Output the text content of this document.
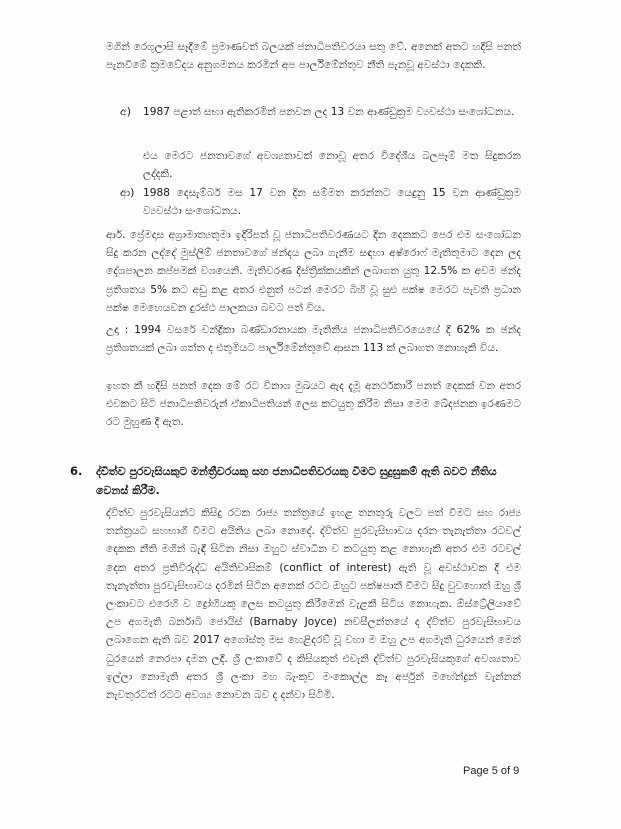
මගින් රෙගුලාසි සෑදීමේ ප්‍රමාණවත් බලයක් ජනාධිපතිවරයා සතු වේ. අනෙක් අතට හදිසි පනත් පැනවීමේ ක්‍රමවේදය අනුගමනය කරමින් අප පාර්ලිමේන්තුව නීති පැනවූ අවස්ථා දෙකකි.

අ) 1987 පළාත් සභා ඇතිකරමින් පනවන ලද 13 වන ආණ්ඩුක්‍රම ව්‍යවස්ථා සංශෝධනය.

එය මෙරට ජනතාවගේ අවශ්‍යතාවක් නොවූ අතර විදේශීය බලපෑම් මත සිදුකරන ලද්දකි.

ආ) 1988 දෙසැම්බර් මස 17 වන දින සම්මත කරන්නට යෙදුනු 15 වන ආණ්ඩුක්‍රම ව්‍යවස්ථා සංශෝධනය.

ආර්. ප්‍රේමදාස අග්‍රාමාත්‍යතුමා ඉදිරිපත් වූ ජනාධිපතිවරණයට දින දෙකකට පෙර එම සංශෝධන සිදු කරන ලද්දේ මුස්ලිම් ජනතාවගේ ඡන්දය ලබා ගැනීම සඳහා අෂ්රොෆ් මැතිතුමාට දෙන ලද දේශපාලන කප්පමක් වශයෙනි. මැතිවරණ දිස්ත්‍රික්කයකින් ලබාගත යුතු 12.5% ක අවම ඡන්ද ප්‍රතිශතය 5% කට අඩු කළ අතර එනුත් පටන් මෙරට බිහි වූ සුළු පක්ෂ මෙරට පැවති ප්‍රධාන පක්ෂ මෙහෙයවන දුරස්ථ පාලකයා බවට පත් විය.

උදා : 1994 වසරේ චන්ද්‍රිකා බණ්ඩාරනායක මැතිනිය ජනාධිපතිවරයෙයේ දී 62% ක ඡන්ද ප්‍රතිශතයක් ලබා ගත්ත ද එතුමියට පාර්ලිමේන්තුවේ ආසන 113 ක් ලබාගත නොහැකි විය.

ඉහත කී හදිසි පනත් දෙක මේ රට විනාශ මුඛයට ඇද දැමූ අනර්ථකාරී පනත් දෙකක් වන අතර එවකට සිටි ජනාධිපතිවරුන් ඒකාධිපතියන් ලෙස කටයුතු කිරීම නිසා මෙම ඛේදජනක ඉරණමට රට මුහුණ දී ඇත.

6. ද්විත්ව පුරවැසියකුට මන්ත්‍රීවරයකු සහ ජනාධිපතිවරයකු වීමට සුදුසුකම් ඇති බවට නීතිය වෙනස් කිරීම.

ද්විත්ව පුරවැසියන්ට කිසිදු රටක රාජ්‍ය තන්ත්‍රයේ ඉහළ තනතුරු වලට පත් වීමට සහ රාජ්‍ය තන්ත්‍රයට සහභාගී වීමට අයිතිය ලබා නොදේ. ද්විත්ව පුරවැසිභාවය දරන තැනැත්තා රටවල් දෙකක නීති මගින් බැඳී සිටින නිසා ඔහුට ස්වාධීන ව කටයුතු කළ නොහැකි අතර එම රටවල් දෙක අතර ප්‍රතිවිරුද්ධ අයිතිවාසිකම් (conflict of interest) ඇති වූ අවස්ථාවක දී එම තැනැත්තා පුරවැසිභාවය දරමින් සිටින අනෙක් රටට ඔහුට පක්ෂපාතී වීමට සිදු වුවහොත් ඔහු ශ්‍රී ලංකාවට එරෙහි ව ද්‍රෝහියකු ලෙස කටයුතු කිරීමෙන් වැළකී සිටිය නොහැක. ඕස්ට්‍රේලියාවේ උප අගමැති බර්නාබි ජොයිස් (Barnaby Joyce) නවසීලන්තයේ ද ද්විත්ව පුරවැසිභාවය ලබාගෙන ඇති බව 2017 අගෝස්තු මස හෙළිදරව් වූ වහා ම ඔහු උප අගමැති ධුරයෙන් මෙන් ධුරයෙන් නෙරපා දමන ලදී. ශ්‍රී ලංකාවේ ද කිසියකුත් එවැනි ද්විත්ව පුරවැසියකුගේ අවශ්‍යතාව ඉල්ලා නොමැති අතර ශ්‍රී ලංකා මහ බැංකුව මංකොල්ල කෑ අර්ජුන් මහේන්ද්‍රන් වැන්නන් නැවතුරටත් රටට අවශ්‍ය නොවන බව ද දන්වා සිටිමි.

Page 5 of 9
